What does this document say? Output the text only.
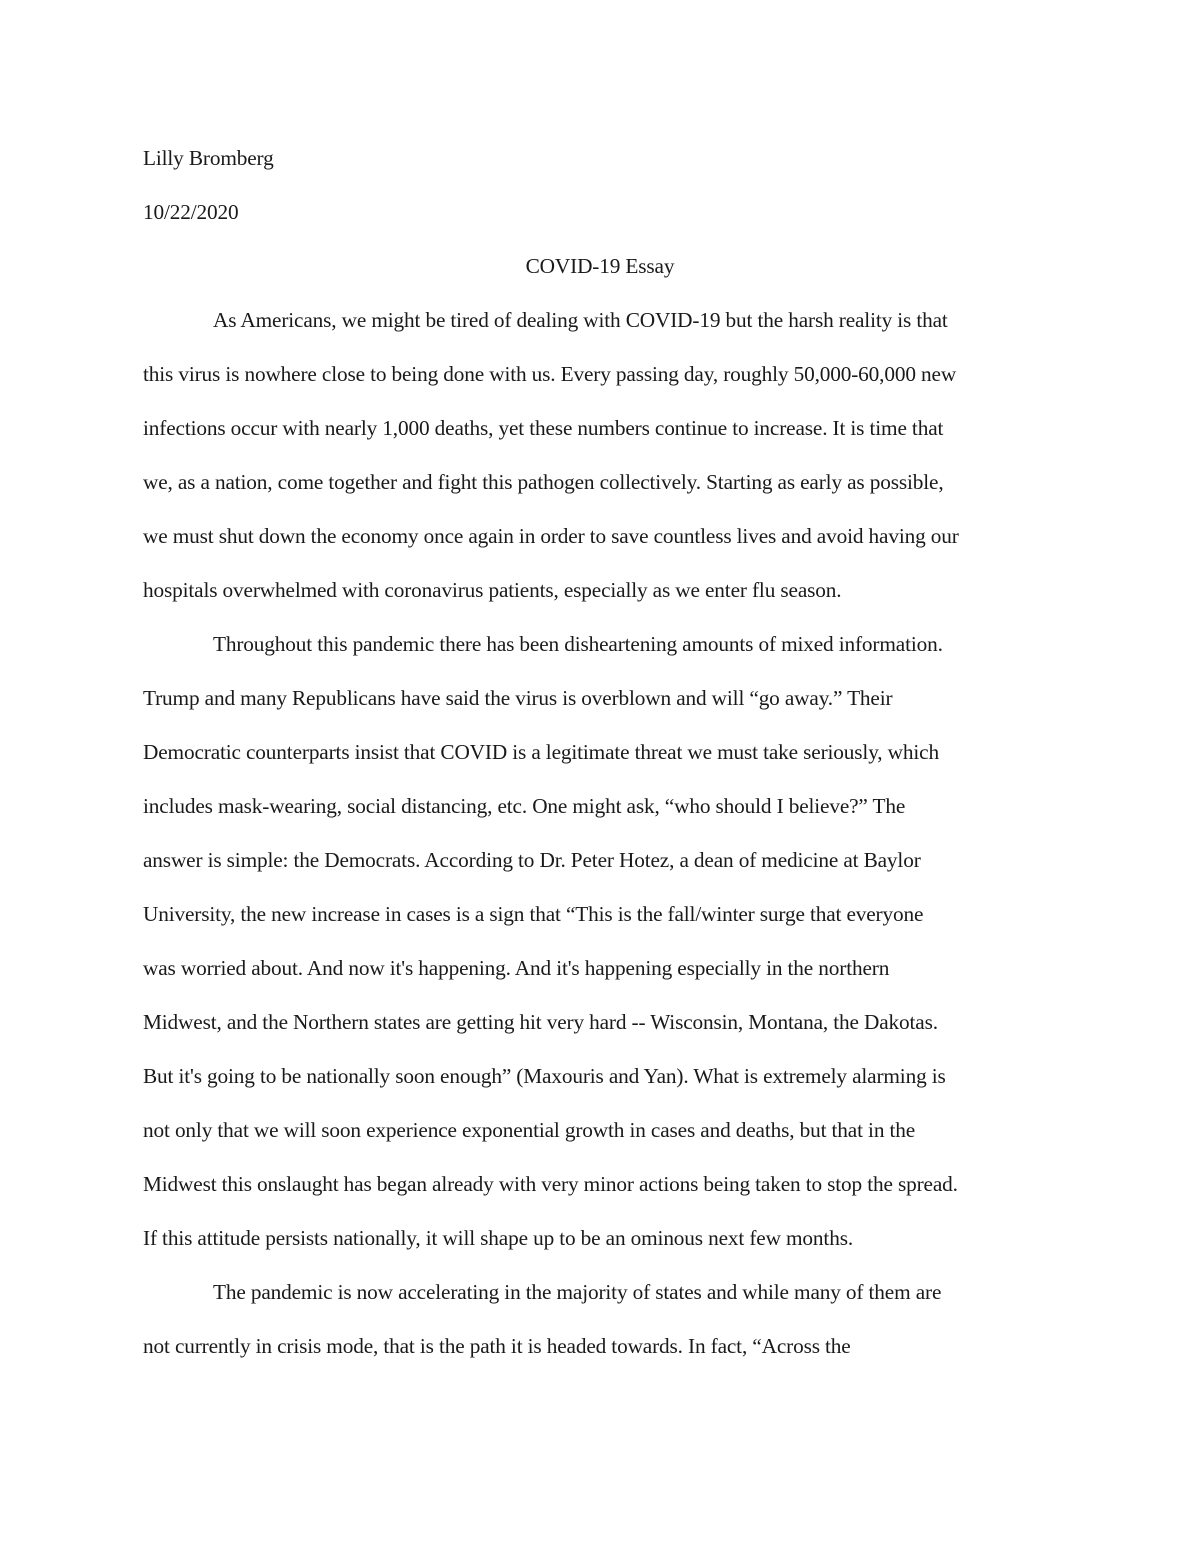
Lilly Bromberg
10/22/2020
COVID-19 Essay
As Americans, we might be tired of dealing with COVID-19 but the harsh reality is that
this virus is nowhere close to being done with us. Every passing day, roughly 50,000-60,000 new
infections occur with nearly 1,000 deaths, yet these numbers continue to increase. It is time that
we, as a nation, come together and fight this pathogen collectively. Starting as early as possible,
we must shut down the economy once again in order to save countless lives and avoid having our
hospitals overwhelmed with coronavirus patients, especially as we enter flu season.
Throughout this pandemic there has been disheartening amounts of mixed information.
Trump and many Republicans have said the virus is overblown and will “go away.” Their
Democratic counterparts insist that COVID is a legitimate threat we must take seriously, which
includes mask-wearing, social distancing, etc. One might ask, “who should I believe?” The
answer is simple: the Democrats. According to Dr. Peter Hotez, a dean of medicine at Baylor
University, the new increase in cases is a sign that “This is the fall/winter surge that everyone
was worried about. And now it's happening. And it's happening especially in the northern
Midwest, and the Northern states are getting hit very hard -- Wisconsin, Montana, the Dakotas.
But it's going to be nationally soon enough” (Maxouris and Yan). What is extremely alarming is
not only that we will soon experience exponential growth in cases and deaths, but that in the
Midwest this onslaught has began already with very minor actions being taken to stop the spread.
If this attitude persists nationally, it will shape up to be an ominous next few months.
The pandemic is now accelerating in the majority of states and while many of them are
not currently in crisis mode, that is the path it is headed towards. In fact, “Across the
